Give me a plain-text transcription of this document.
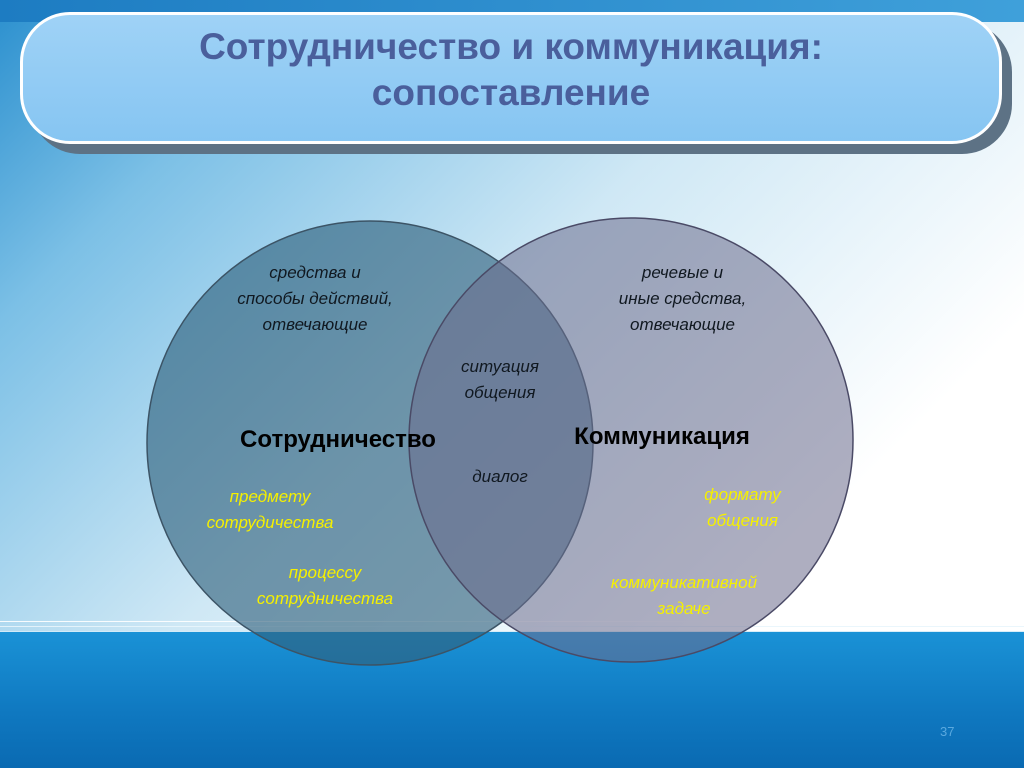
Сотрудничество и коммуникация:
сопоставление
средства и
способы действий,
отвечающие
Сотрудничество
предмету
сотрудичества
процессу
сотрудничества
ситуация
общения
диалог
речевые и
иные средства,
отвечающие
Коммуникация
формату
общения
коммуникативной
задаче
37
